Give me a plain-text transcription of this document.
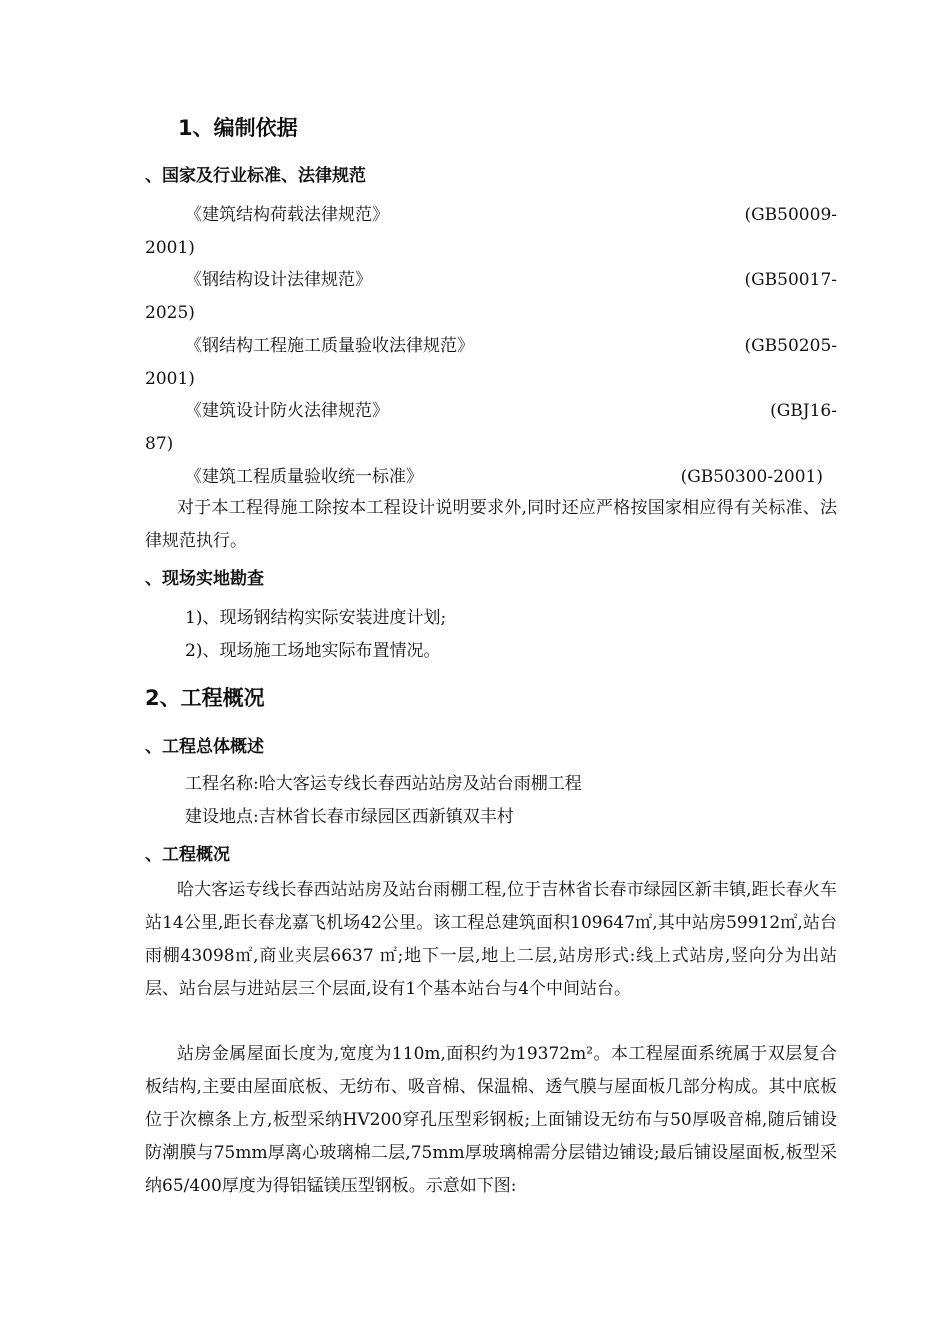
1、编制依据
、国家及行业标准、法律规范
《建筑结构荷载法律规范》	(GB50009-
2001)
《钢结构设计法律规范》	(GB50017-
2025)
《钢结构工程施工质量验收法律规范》	(GB50205-
2001)
《建筑设计防火法律规范》	(GBJ16-
87)
《建筑工程质量验收统一标准》	(GB50300-2001)
对于本工程得施工除按本工程设计说明要求外,同时还应严格按国家相应得有关标准、法律规范执行。
、现场实地勘查
1)、现场钢结构实际安装进度计划;
2)、现场施工场地实际布置情况。
2、工程概况
、工程总体概述
工程名称:哈大客运专线长春西站站房及站台雨棚工程
建设地点:吉林省长春市绿园区西新镇双丰村
、工程概况
哈大客运专线长春西站站房及站台雨棚工程,位于吉林省长春市绿园区新丰镇,距长春火车站14公里,距长春龙嘉飞机场42公里。该工程总建筑面积109647㎡,其中站房59912㎡,站台雨棚43098㎡,商业夹层6637 ㎡;地下一层,地上二层,站房形式:线上式站房,竖向分为出站层、站台层与进站层三个层面,设有1个基本站台与4个中间站台。
站房金属屋面长度为,宽度为110m,面积约为19372m²。本工程屋面系统属于双层复合板结构,主要由屋面底板、无纺布、吸音棉、保温棉、透气膜与屋面板几部分构成。其中底板位于次檩条上方,板型采纳HV200穿孔压型彩钢板;上面铺设无纺布与50厚吸音棉,随后铺设防潮膜与75mm厚离心玻璃棉二层,75mm厚玻璃棉需分层错边铺设;最后铺设屋面板,板型采纳65/400厚度为得铝锰镁压型钢板。示意如下图:
